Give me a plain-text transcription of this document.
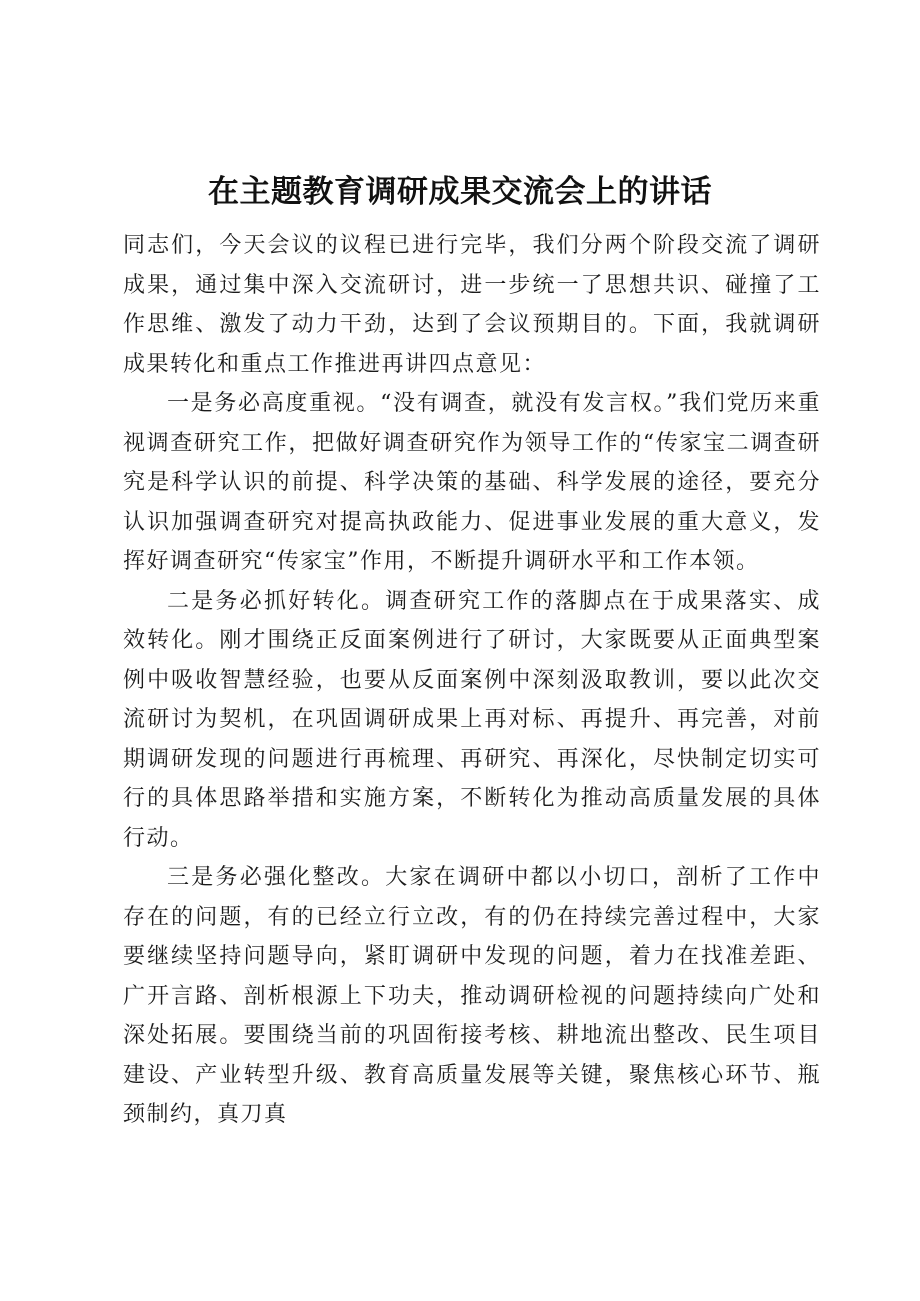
在主题教育调研成果交流会上的讲话

同志们，今天会议的议程已进行完毕，我们分两个阶段交流了调研成果，通过集中深入交流研讨，进一步统一了思想共识、碰撞了工作思维、激发了动力干劲，达到了会议预期目的。下面，我就调研成果转化和重点工作推进再讲四点意见：

一是务必高度重视。“没有调查，就没有发言权。”我们党历来重视调查研究工作，把做好调查研究作为领导工作的“传家宝二调查研究是科学认识的前提、科学决策的基础、科学发展的途径，要充分认识加强调查研究对提高执政能力、促进事业发展的重大意义，发挥好调查研究“传家宝”作用，不断提升调研水平和工作本领。

二是务必抓好转化。调查研究工作的落脚点在于成果落实、成效转化。刚才围绕正反面案例进行了研讨，大家既要从正面典型案例中吸收智慧经验，也要从反面案例中深刻汲取教训，要以此次交流研讨为契机，在巩固调研成果上再对标、再提升、再完善，对前期调研发现的问题进行再梳理、再研究、再深化，尽快制定切实可行的具体思路举措和实施方案，不断转化为推动高质量发展的具体行动。

三是务必强化整改。大家在调研中都以小切口，剖析了工作中存在的问题，有的已经立行立改，有的仍在持续完善过程中，大家要继续坚持问题导向，紧盯调研中发现的问题，着力在找准差距、广开言路、剖析根源上下功夫，推动调研检视的问题持续向广处和深处拓展。要围绕当前的巩固衔接考核、耕地流出整改、民生项目建设、产业转型升级、教育高质量发展等关键，聚焦核心环节、瓶颈制约，真刀真
